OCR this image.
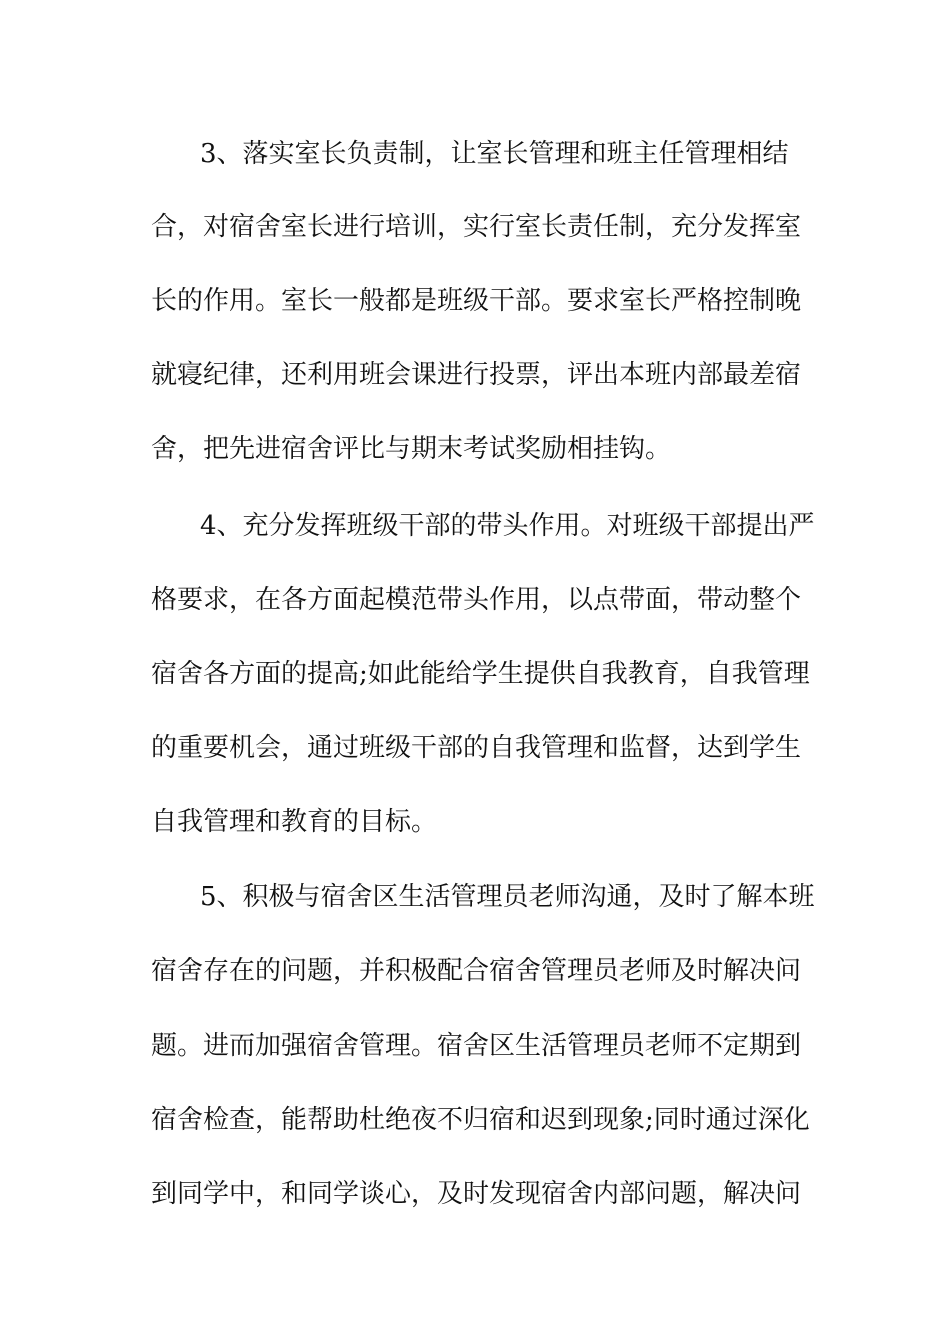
3、落实室长负责制，让室长管理和班主任管理相结
合，对宿舍室长进行培训，实行室长责任制，充分发挥室
长的作用。室长一般都是班级干部。要求室长严格控制晚
就寝纪律，还利用班会课进行投票，评出本班内部最差宿
舍，把先进宿舍评比与期末考试奖励相挂钩。
4、充分发挥班级干部的带头作用。对班级干部提出严
格要求，在各方面起模范带头作用，以点带面，带动整个
宿舍各方面的提高;如此能给学生提供自我教育，自我管理
的重要机会，通过班级干部的自我管理和监督，达到学生
自我管理和教育的目标。
5、积极与宿舍区生活管理员老师沟通，及时了解本班
宿舍存在的问题，并积极配合宿舍管理员老师及时解决问
题。进而加强宿舍管理。宿舍区生活管理员老师不定期到
宿舍检查，能帮助杜绝夜不归宿和迟到现象;同时通过深化
到同学中，和同学谈心，及时发现宿舍内部问题，解决问
